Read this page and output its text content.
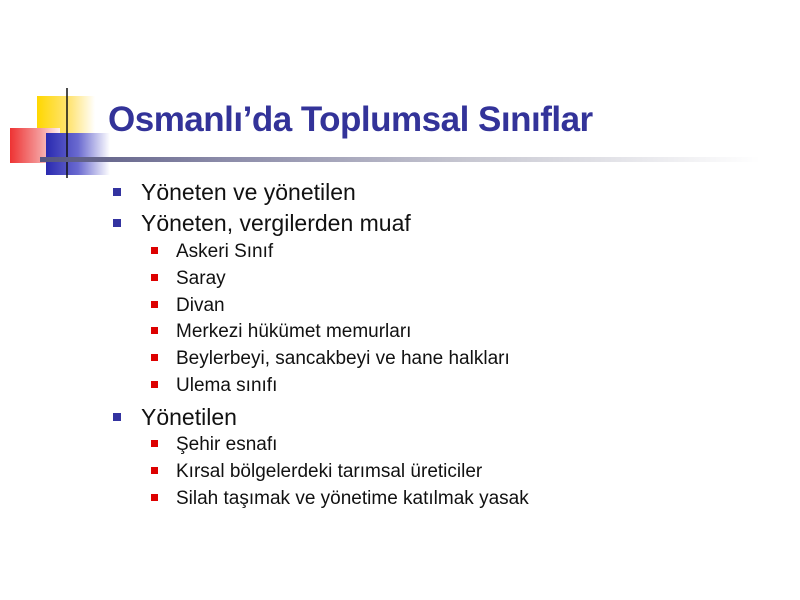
Osmanlı’da Toplumsal Sınıflar
Yöneten ve yönetilen
Yöneten, vergilerden muaf
Askeri Sınıf
Saray
Divan
Merkezi hükümet memurları
Beylerbeyi, sancakbeyi ve hane halkları
Ulema sınıfı
Yönetilen
Şehir esnafı
Kırsal bölgelerdeki tarımsal üreticiler
Silah taşımak ve yönetime katılmak yasak
